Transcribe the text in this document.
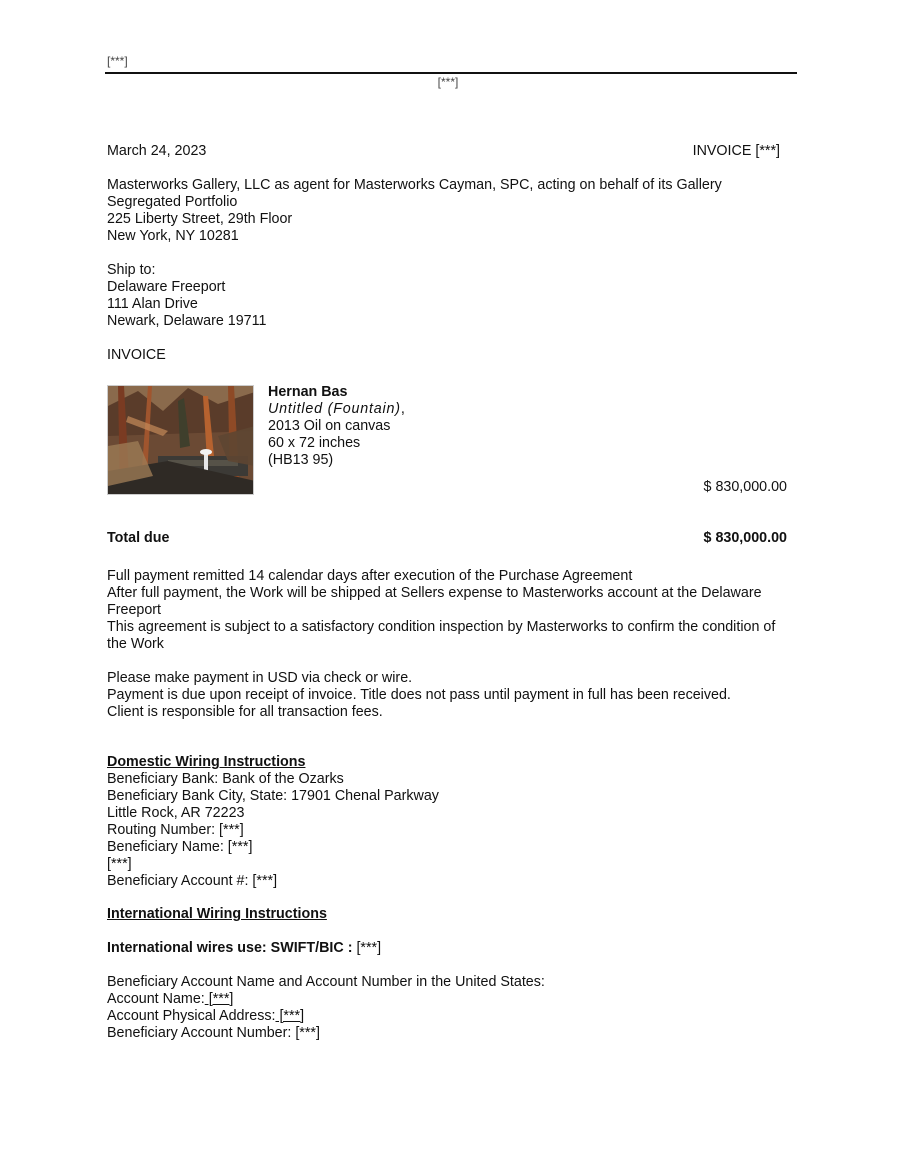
[***]
[***]
March 24, 2023	INVOICE [***]
Masterworks Gallery, LLC as agent for Masterworks Cayman, SPC, acting on behalf of its Gallery
Segregated Portfolio
225 Liberty Street, 29th Floor
New York, NY 10281
Ship to:
Delaware Freeport
111 Alan Drive
Newark, Delaware 19711
INVOICE
Hernan Bas
Untitled (Fountain),
2013 Oil on canvas
60 x 72 inches
(HB13 95)
$ 830,000.00
Total due	$ 830,000.00
Full payment remitted 14 calendar days after execution of the Purchase Agreement
After full payment, the Work will be shipped at Sellers expense to Masterworks account at the Delaware Freeport
This agreement is subject to a satisfactory condition inspection by Masterworks to confirm the condition of the Work
Please make payment in USD via check or wire.
Payment is due upon receipt of invoice. Title does not pass until payment in full has been received.
Client is responsible for all transaction fees.
Domestic Wiring Instructions
Beneficiary Bank: Bank of the Ozarks
Beneficiary Bank City, State: 17901 Chenal Parkway
Little Rock, AR 72223
Routing Number: [***]
Beneficiary Name: [***]
[***]
Beneficiary Account #: [***]
International Wiring Instructions
International wires use: SWIFT/BIC : [***]
Beneficiary Account Name and Account Number in the United States:
Account Name: [***]
Account Physical Address: [***]
Beneficiary Account Number: [***]
